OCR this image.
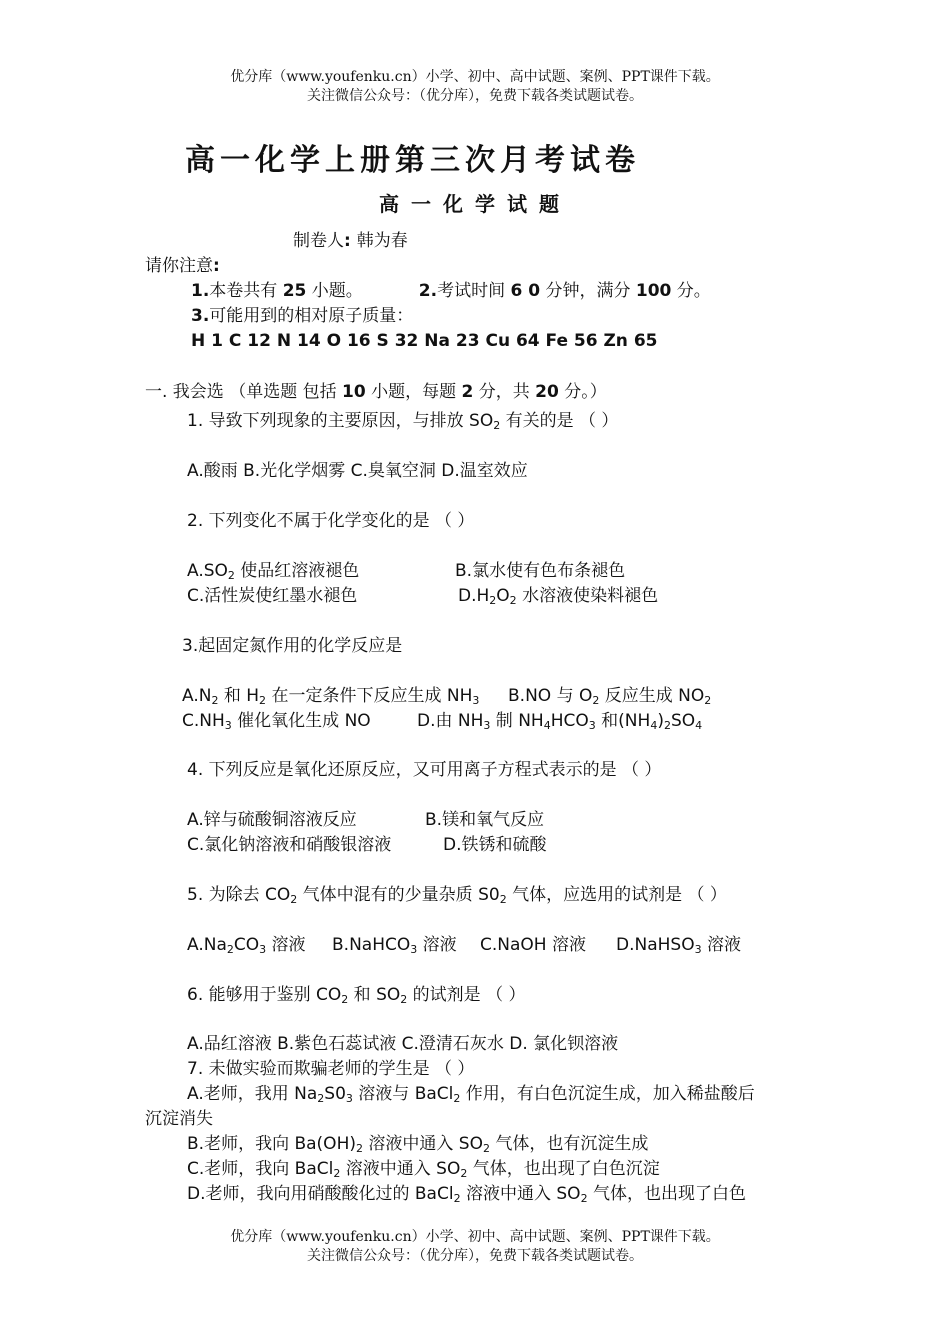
优分库（www.youfenku.cn）小学、初中、高中试题、案例、PPT课件下载。
关注微信公众号：（优分库），免费下载各类试题试卷。
高一化学上册第三次月考试卷
高一化学试题
制卷人: 韩为春
请你注意:
1.本卷共有 25 小题。	2.考试时间 6 0 分钟，满分 100 分。
3.可能用到的相对原子质量：
H 1 C 12 N 14 O 16 S 32 Na 23 Cu 64 Fe 56 Zn 65
一. 我会选 （单选题 包括 10 小题，每题 2 分，共 20 分。）
1. 导致下列现象的主要原因，与排放 $SO_2$ 有关的是 （ ）
A.酸雨 B.光化学烟雾 C.臭氧空洞 D.温室效应
2. 下列变化不属于化学变化的是 （ ）
$A.SO_2$ 使品红溶液褪色	B.氯水使有色布条褪色
C.活性炭使红墨水褪色	$D.H_2O_2$ 水溶液使染料褪色
3.起固定氮作用的化学反应是
$A.N_2$ 和 $H_2$ 在一定条件下反应生成 $NH_3$ B.NO 与 $O_2$ 反应生成 $NO_2$
$C.NH_3$ 催化氧化生成 NO	D.由 $NH_3$ 制 $NH_4HCO_3$ 和$(NH_4)_2SO_4$
4. 下列反应是氧化还原反应，又可用离子方程式表示的是 （ ）
A.锌与硫酸铜溶液反应	B.镁和氧气反应
C.氯化钠溶液和硝酸银溶液	D.铁锈和硫酸
5. 为除去 $CO_2$ 气体中混有的少量杂质 $S0_2$ 气体，应选用的试剂是 （ ）
$A.Na_2CO_3$ 溶液 B.NaHCO$_3$ 溶液 C.NaOH 溶液 D.NaHSO$_3$ 溶液
6. 能够用于鉴别 $CO_2$ 和 $SO_2$ 的试剂是 （ ）
A.品红溶液 B.紫色石蕊试液 C.澄清石灰水 D. 氯化钡溶液
7. 未做实验而欺骗老师的学生是 （ ）
A.老师，我用 $Na_2S0_3$ 溶液与 BaCl$_2$ 作用，有白色沉淀生成，加入稀盐酸后
沉淀消失
B.老师，我向 $Ba(OH)_2$ 溶液中通入 $SO_2$ 气体，也有沉淀生成
C.老师，我向 BaCl$_2$ 溶液中通入 $SO_2$ 气体，也出现了白色沉淀
D.老师，我向用硝酸酸化过的 BaCl$_2$ 溶液中通入 $SO_2$ 气体，也出现了白色
优分库（www.youfenku.cn）小学、初中、高中试题、案例、PPT课件下载。
关注微信公众号：（优分库），免费下载各类试题试卷。
